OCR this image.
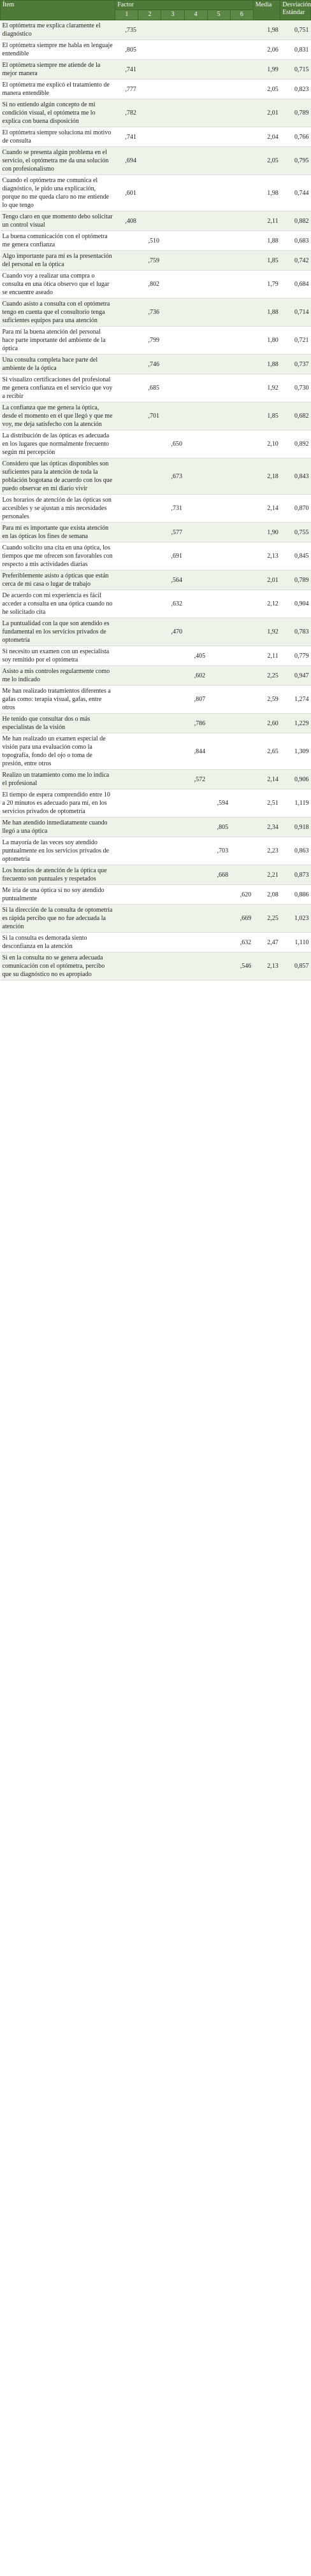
Ítem	Factor						Media	Desviación Estándar
	1	2	3	4	5	6		
El optómetra me explica claramente el diagnóstico	,735						1,98	0,751
El optómetra siempre me habla en lenguaje entendible	,805						2,06	0,831
El optómetra siempre me atiende de la mejor manera	,741						1,99	0,715
El optómetra me explicó el tratamiento de manera entendible	,777						2,05	0,823
Si no entiendo algún concepto de mi condición visual, el optómetra me lo explica con buena disposición	,782						2,01	0,789
El optómetra siempre soluciona mi motivo de consulta	,741						2,04	0,766
Cuando se presenta algún problema en el servicio, el optómetra me da una solución con profesionalismo	,694						2,05	0,795
Cuando el optómetra me comunica el diagnóstico, le pido una explicación, porque no me queda claro no me entiende lo que tengo	,601						1,98	0,744
Tengo claro en que momento debo solicitar un control visual	,408						2,11	0,882
La buena comunicación con el optómetra me genera confianza		,510					1,88	0,683
Algo importante para mí es la presentación del personal en la óptica		,759					1,85	0,742
Cuando voy a realizar una compra o consulta en una ótica observo que el lugar se encuentre aseado		,802					1,79	0,684
Cuando asisto a consulta con el optómetra tengo en cuenta que el consultorio tenga suficientes equipos para una atención		,736					1,88	0,714
Para mí la buena atención del personal hace parte importante del ambiente de la óptica		,799					1,80	0,721
Una consulta completa hace parte del ambiente de la óptica		,746					1,88	0,737
Si visualizo certificaciones del profesional me genera confianza en el servicio que voy a recibir		,685					1,92	0,730
La confianza que me genera la óptica, desde el momento en el que llegó y que me voy, me deja satisfecho con la atención		,701					1,85	0,682
La distribución de las ópticas es adecuada en los lugares que normalmente frecuento según mi percepción			,650				2,10	0,892
Considero que las ópticas disponibles son suficientes para la atención de toda la población bogotana de acuerdo con los que puedo observar en mi diario vivir			,673				2,18	0,843
Los horarios de atención de las ópticas son accesibles y se ajustan a mis necesidades personales			,731				2,14	0,870
Para mí es importante que exista atención en las ópticas los fines de semana			,577				1,90	0,755
Cuando solicito una cita en una óptica, los tiempos que me ofrecen son favorables con respecto a mis actividades diarias			,691				2,13	0,845
Preferiblemente asisto a ópticas que están cerca de mi casa o lugar de trabajo			,564				2,01	0,789
De acuerdo con mi experiencia es fácil acceder a consulta en una óptica cuando no he solicitado cita			,632				2,12	0,904
La puntualidad con la que son atendido es fundamental en los servicios privados de optometría			,470				1,92	0,783
Si necesito un examen con un especialista soy remitido por el optómetra				,405			2,11	0,779
Asisto a mis controles regularmente como me lo indicado				,602			2,25	0,947
Me han realizado tratamientos diferentes a gafas como: terapia visual, gafas, entre otros				,807			2,59	1,274
He tenido que consultar dos o más especialistas de la visión				,786			2,60	1,229
Me han realizado un examen especial de visión para una evaluación como la topografía, fondo del ojo o toma de presión, entre otros				,844			2,65	1,309
Realizo un tratamiento como me lo indica el profesional				,572			2,14	0,906
El tiempo de espera comprendido entre 10 a 20 minutos es adecuado para mí, en los servicios privados de optometría					,594		2,51	1,119
Me han atendido inmediatamente cuando llegó a una óptica					,805		2,34	0,918
La mayoría de las veces soy atendido puntualmente en los servicios privados de optometría					,703		2,23	0,863
Los horarios de atención de la óptica que frecuento son puntuales y respetados					,668		2,21	0,873
Me iría de una óptica si no soy atendido puntualmente						,620	2,08	0,886
Si la dirección de la consulta de optometría es rápida percibo que no fue adecuada la atención						,669	2,25	1,023
Si la consulta es demorada siento desconfianza en la atención						,632	2,47	1,110
Si en la consulta no se genera adecuada comunicación con el optómetra, percibo que su diagnóstico no es apropiado						,546	2,13	0,857
